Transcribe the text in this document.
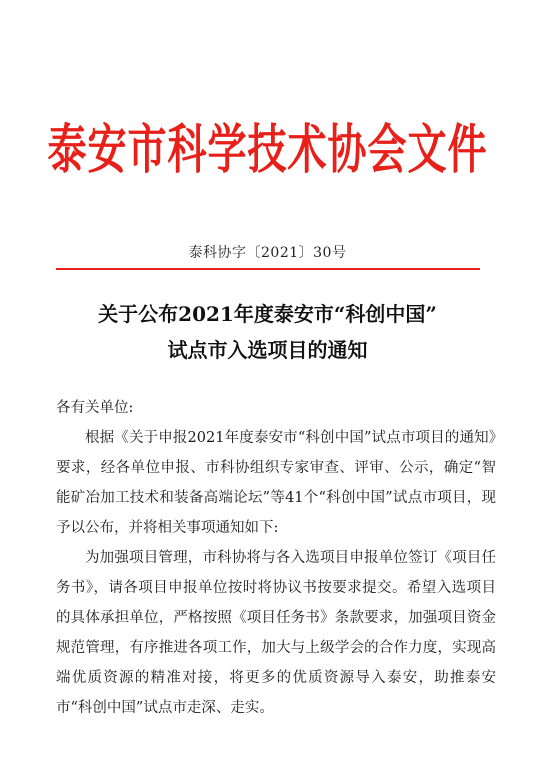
泰安市科学技术协会文件
泰科协字〔2021〕30号
关于公布2021年度泰安市“科创中国”
试点市入选项目的通知

各有关单位:

根据《关于申报2021年度泰安市“科创中国”试点市项目的通知》要求，经各单位申报、市科协组织专家审查、评审、公示，确定“智能矿冶加工技术和装备高端论坛”等41个“科创中国”试点市项目，现予以公布，并将相关事项通知如下:

为加强项目管理，市科协将与各入选项目申报单位签订《项目任务书》，请各项目申报单位按时将协议书按要求提交。希望入选项目的具体承担单位，严格按照《项目任务书》条款要求，加强项目资金规范管理，有序推进各项工作，加大与上级学会的合作力度，实现高端优质资源的精准对接，将更多的优质资源导入泰安，助推泰安市“科创中国”试点市走深、走实。
